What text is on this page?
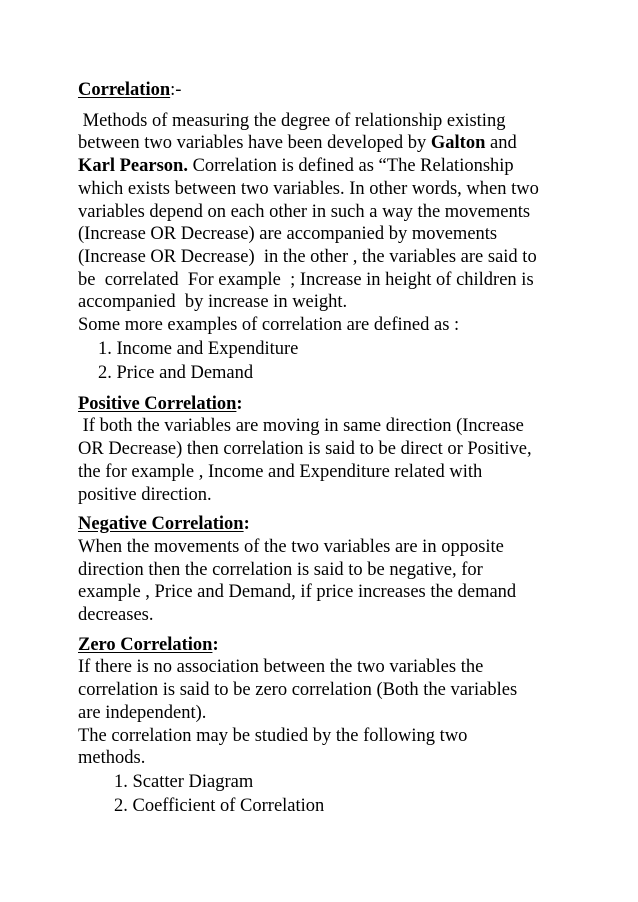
Correlation:-

Methods of measuring the degree of relationship existing

between two variables have been developed by Galton and

Karl Pearson. Correlation is defined as “The Relationship

which exists between two variables. In other words, when two

variables depend on each other in such a way the movements

(Increase OR Decrease) are accompanied by movements

(Increase OR Decrease)  in the other , the variables are said to

be  correlated  For example  ; Increase in height of children is

accompanied  by increase in weight.

Some more examples of correlation are defined as :

1. Income and Expenditure
2. Price and Demand

Positive Correlation:

If both the variables are moving in same direction (Increase

OR Decrease) then correlation is said to be direct or Positive,

the for example , Income and Expenditure related with

positive direction.

Negative Correlation:

When the movements of the two variables are in opposite

direction then the correlation is said to be negative, for

example , Price and Demand, if price increases the demand

decreases.

Zero Correlation:

If there is no association between the two variables the

correlation is said to be zero correlation (Both the variables

are independent).

The correlation may be studied by the following two

methods.

1. Scatter Diagram
2. Coefficient of Correlation
